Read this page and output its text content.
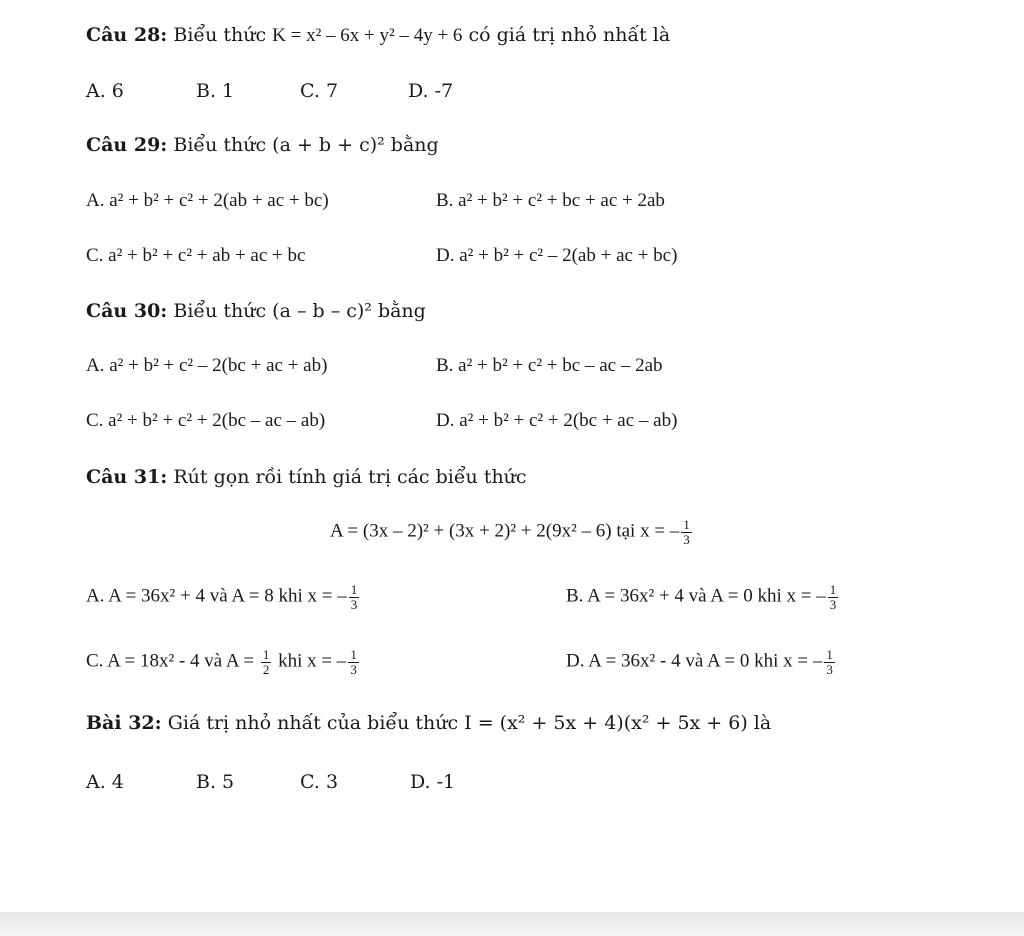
Câu 28: Biểu thức K = x² – 6x + y² – 4y + 6 có giá trị nhỏ nhất là
A. 6	B. 1	C. 7	D. -7
Câu 29: Biểu thức (a + b + c)² bằng
A. a² + b² + c² + 2(ab + ac + bc)	B. a² + b² + c² + bc + ac + 2ab
C. a² + b² + c² + ab + ac + bc	D. a² + b² + c² – 2(ab + ac + bc)
Câu 30: Biểu thức (a – b – c)² bằng
A. a² + b² + c² – 2(bc + ac + ab)	B. a² + b² + c² + bc – ac – 2ab
C. a² + b² + c² + 2(bc – ac – ab)	D. a² + b² + c² + 2(bc + ac – ab)
Câu 31: Rút gọn rồi tính giá trị các biểu thức
A = (3x – 2)² + (3x + 2)² + 2(9x² – 6) tại x = – $\frac{1}{3}$
A. A = 36x² + 4 và A = 8 khi x = – $\frac{1}{3}$	B. A = 36x² + 4 và A = 0 khi x = – $\frac{1}{3}$
C. A = 18x² - 4 và $A = \frac{1}{2}$ khi x = – $\frac{1}{3}$	D. A = 36x² - 4 và A = 0 khi x = – $\frac{1}{3}$
Bài 32: Giá trị nhỏ nhất của biểu thức I = (x² + 5x + 4)(x² + 5x + 6) là
A. 4	B. 5	C. 3	D. -1
